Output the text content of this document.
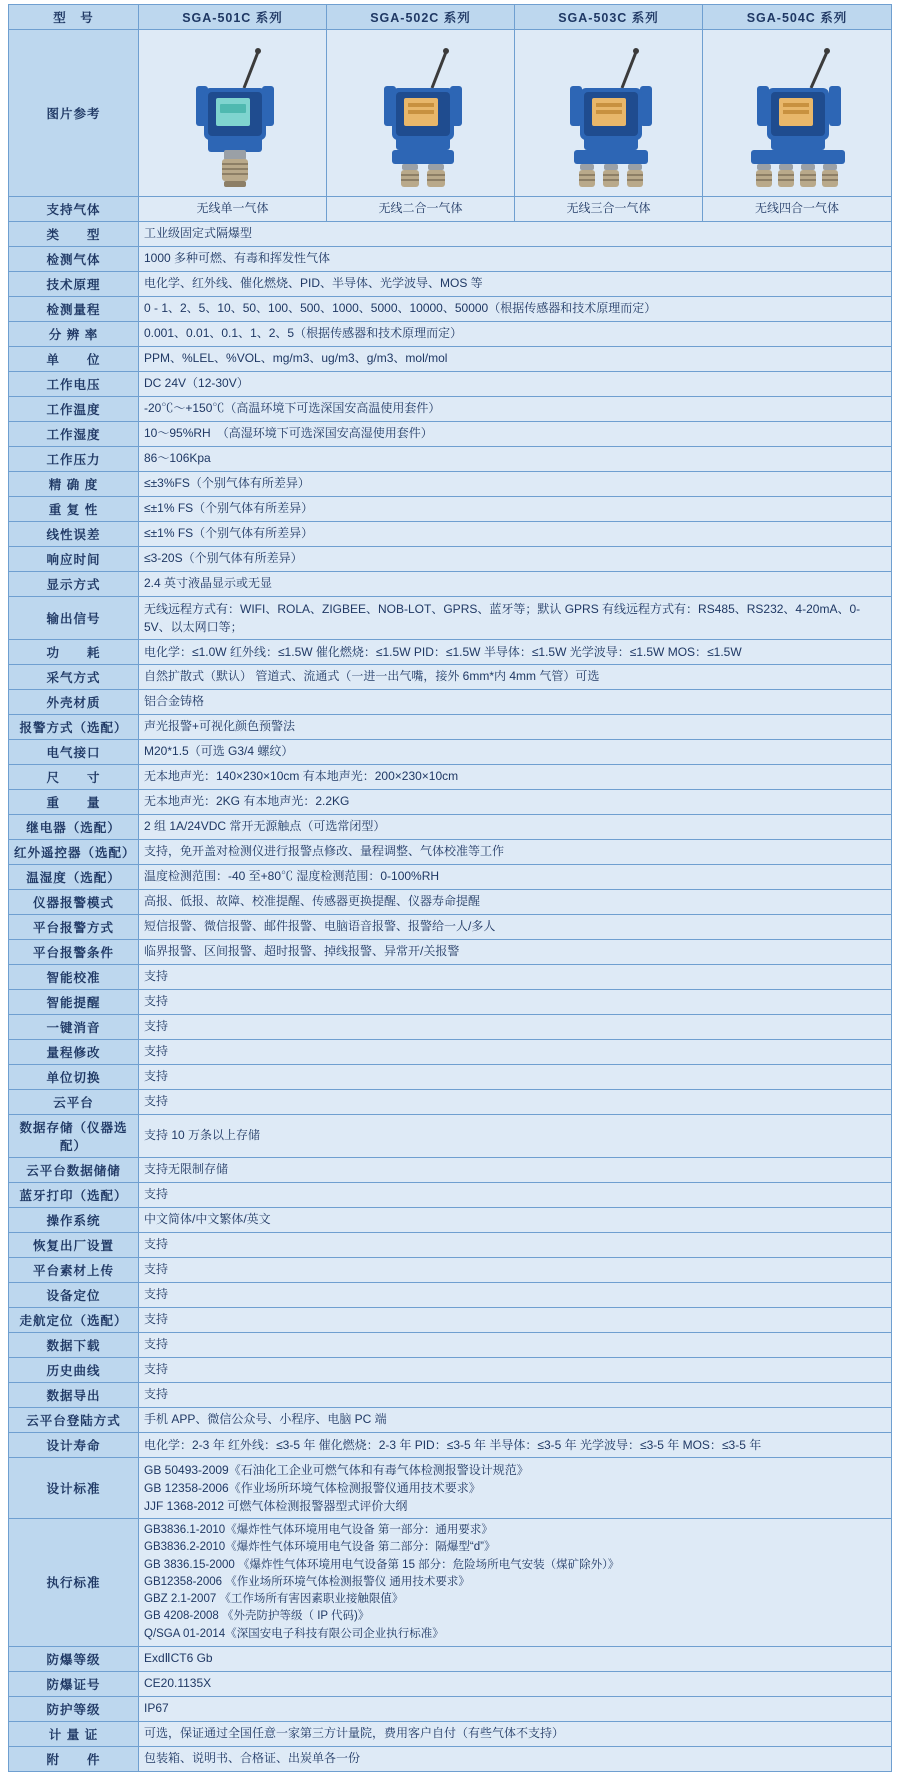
型　号	SGA-501C 系列	SGA-502C 系列	SGA-503C 系列	SGA-504C 系列
图片参考	

支持气体	无线单一气体	无线二合一气体	无线三合一气体	无线四合一气体
类　　型	工业级固定式隔爆型			
检测气体	1000 多种可燃、有毒和挥发性气体			
技术原理	电化学、红外线、催化燃烧、PID、半导体、光学波导、MOS 等			
检测量程	0 - 1、2、5、10、50、100、500、1000、5000、10000、50000（根据传感器和技术原理而定）			
分 辨 率	0.001、0.01、0.1、1、2、5（根据传感器和技术原理而定）			
单　　位	PPM、%LEL、%VOL、mg/m3、ug/m3、g/m3、mol/mol			
工作电压	DC 24V（12-30V）			
工作温度	-20℃～+150℃（高温环境下可选深国安高温使用套件）			
工作湿度	10～95%RH　（高湿环境下可选深国安高湿使用套件）			
工作压力	86～106Kpa			
精 确 度	≤±3%FS（个别气体有所差异）			
重 复 性	≤±1% FS（个别气体有所差异）			
线性误差	≤±1% FS（个别气体有所差异）			
响应时间	≤3-20S（个别气体有所差异）			
显示方式	2.4 英寸液晶显示或无显			
输出信号	无线远程方式有：WIFI、ROLA、ZIGBEE、NOB-LOT、GPRS、蓝牙等；默认 GPRS 有线远程方式有：RS485、RS232、4-20mA、0-5V、以太网口等；			
功　　耗	电化学：≤1.0W 红外线：≤1.5W 催化燃烧：≤1.5W PID：≤1.5W 半导体：≤1.5W 光学波导：≤1.5W MOS：≤1.5W			
采气方式	自然扩散式（默认） 管道式、流通式（一进一出气嘴，接外 6mm*内 4mm 气管）可选			
外壳材质	铝合金铸格			
报警方式（选配）	声光报警+可视化颜色预警法			
电气接口	M20*1.5（可选 G3/4 螺纹）			
尺　　寸	无本地声光：140×230×10cm 有本地声光：200×230×10cm			
重　　量	无本地声光：2KG 有本地声光：2.2KG			
继电器（选配）	2 组 1A/24VDC 常开无源触点（可选常闭型）			
红外遥控器（选配）	支持，免开盖对检测仪进行报警点修改、量程调整、气体校准等工作			
温湿度（选配）	温度检测范围：-40 至+80℃ 湿度检测范围：0-100%RH			
仪器报警模式	高报、低报、故障、校准提醒、传感器更换提醒、仪器寿命提醒			
平台报警方式	短信报警、微信报警、邮件报警、电脑语音报警、报警给一人/多人			
平台报警条件	临界报警、区间报警、超时报警、掉线报警、异常开/关报警			
智能校准	支持			
智能提醒	支持			
一键消音	支持			
量程修改	支持			
单位切换	支持			
云平台	支持			
数据存储（仪器选配）	支持 10 万条以上存储			
云平台数据储储	支持无限制存储			
蓝牙打印（选配）	支持			
操作系统	中文简体/中文繁体/英文			
恢复出厂设置	支持			
平台素材上传	支持			
设备定位	支持			
走航定位（选配）	支持			
数据下载	支持			
历史曲线	支持			
数据导出	支持			
云平台登陆方式	手机 APP、微信公众号、小程序、电脑 PC 端			
设计寿命	电化学：2-3 年 红外线：≤3-5 年 催化燃烧：2-3 年 PID：≤3-5 年 半导体：≤3-5 年 光学波导：≤3-5 年 MOS：≤3-5 年			
设计标准	GB 50493-2009《石油化工企业可燃气体和有毒气体检测报警设计规范》
GB 12358-2006《作业场所环境气体检测报警仪通用技术要求》
JJF 1368-2012 可燃气体检测报警器型式评价大纲			

执行标准	
GB3836.1-2010《爆炸性气体环境用电气设备 第一部分：通用要求》
GB3836.2-2010《爆炸性气体环境用电气设备 第二部分：隔爆型“d”》
GB 3836.15-2000 《爆炸性气体环境用电气设备第 15 部分：危险场所电气安装（煤矿除外）》
GB12358-2006 《作业场所环境气体检测报警仪 通用技术要求》
GBZ 2.1-2007 《工作场所有害因素职业接触限值》
GB 4208-2008 《外壳防护等级（ IP 代码)》
Q/SGA 01-2014《深国安电子科技有限公司企业执行标准》

防爆等级	ExdⅡCT6 Gb			
防爆证号	CE20.1135X			
防护等级	IP67			
计 量 证	可选，保证通过全国任意一家第三方计量院，费用客户自付（有些气体不支持）			
附　　件	包装箱、说明书、合格证、出炭单各一份			
